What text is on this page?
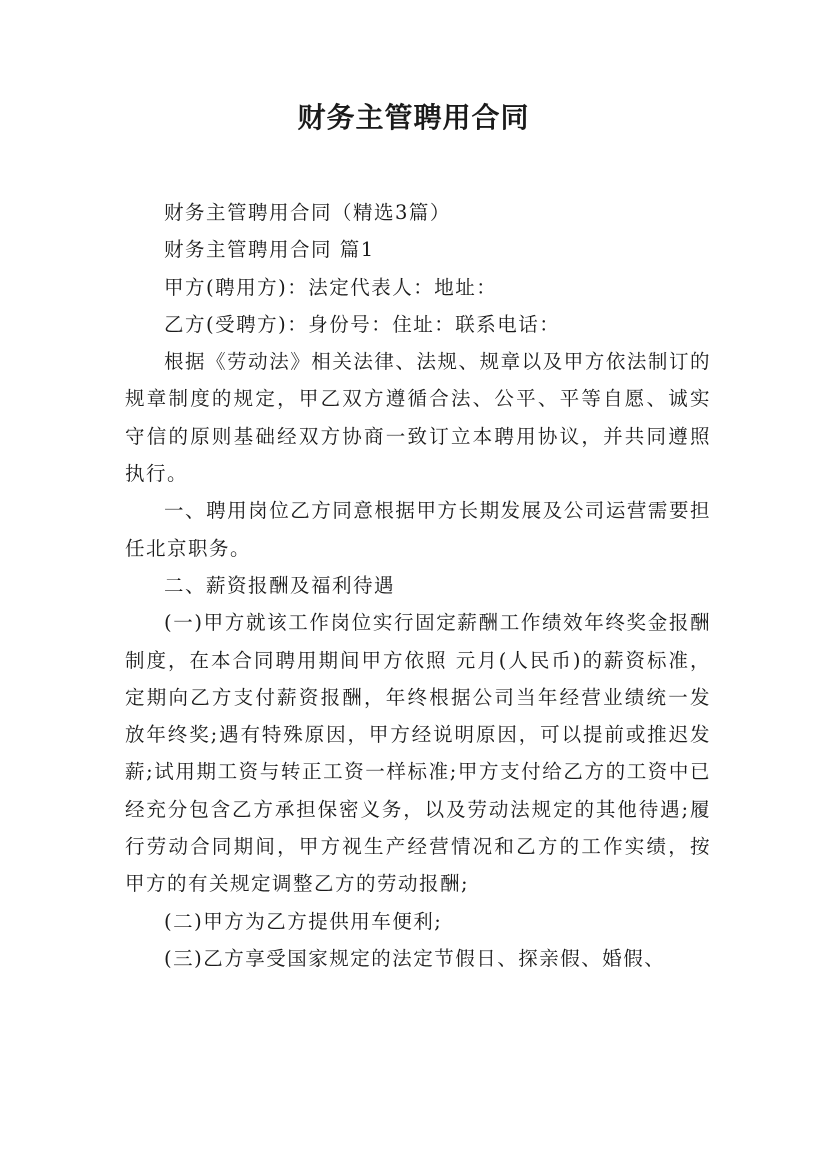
财务主管聘用合同

财务主管聘用合同（精选3篇）

财务主管聘用合同 篇1

甲方(聘用方)：法定代表人：地址：

乙方(受聘方)：身份号：住址：联系电话：

根据《劳动法》相关法律、法规、规章以及甲方依法制订的规章制度的规定，甲乙双方遵循合法、公平、平等自愿、诚实守信的原则基础经双方协商一致订立本聘用协议，并共同遵照执行。

一、聘用岗位乙方同意根据甲方长期发展及公司运营需要担任北京职务。

二、薪资报酬及福利待遇

(一)甲方就该工作岗位实行固定薪酬工作绩效年终奖金报酬制度，在本合同聘用期间甲方依照 元月(人民币)的薪资标准，定期向乙方支付薪资报酬，年终根据公司当年经营业绩统一发放年终奖;遇有特殊原因，甲方经说明原因，可以提前或推迟发薪;试用期工资与转正工资一样标准;甲方支付给乙方的工资中已经充分包含乙方承担保密义务，以及劳动法规定的其他待遇;履行劳动合同期间，甲方视生产经营情况和乙方的工作实绩，按甲方的有关规定调整乙方的劳动报酬;

(二)甲方为乙方提供用车便利;

(三)乙方享受国家规定的法定节假日、探亲假、婚假、
